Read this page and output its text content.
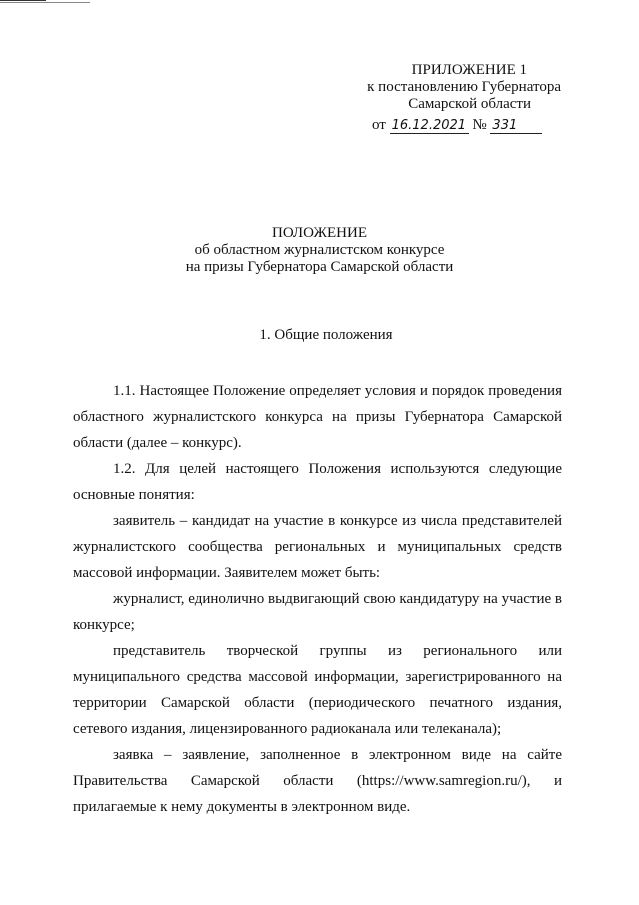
ПРИЛОЖЕНИЕ 1
к постановлению Губернатора
Самарской области
от 16.12.2021 № 331
ПОЛОЖЕНИЕ
об областном журналистском конкурсе
на призы Губернатора Самарской области
1. Общие положения

1.1. Настоящее Положение определяет условия и порядок проведения областного журналистского конкурса на призы Губернатора Самарской области (далее – конкурс).

1.2. Для целей настоящего Положения используются следующие основные понятия:

заявитель – кандидат на участие в конкурсе из числа представителей журналистского сообщества региональных и муниципальных средств массовой информации. Заявителем может быть:

журналист, единолично выдвигающий свою кандидатуру на участие в конкурсе;

представитель творческой группы из регионального или муниципального средства массовой информации, зарегистрированного на территории Самарской области (периодического печатного издания, сетевого издания, лицензированного радиоканала или телеканала);

заявка – заявление, заполненное в электронном виде на сайте Правительства Самарской области (https://www.samregion.ru/), и прилагаемые к нему документы в электронном виде.
